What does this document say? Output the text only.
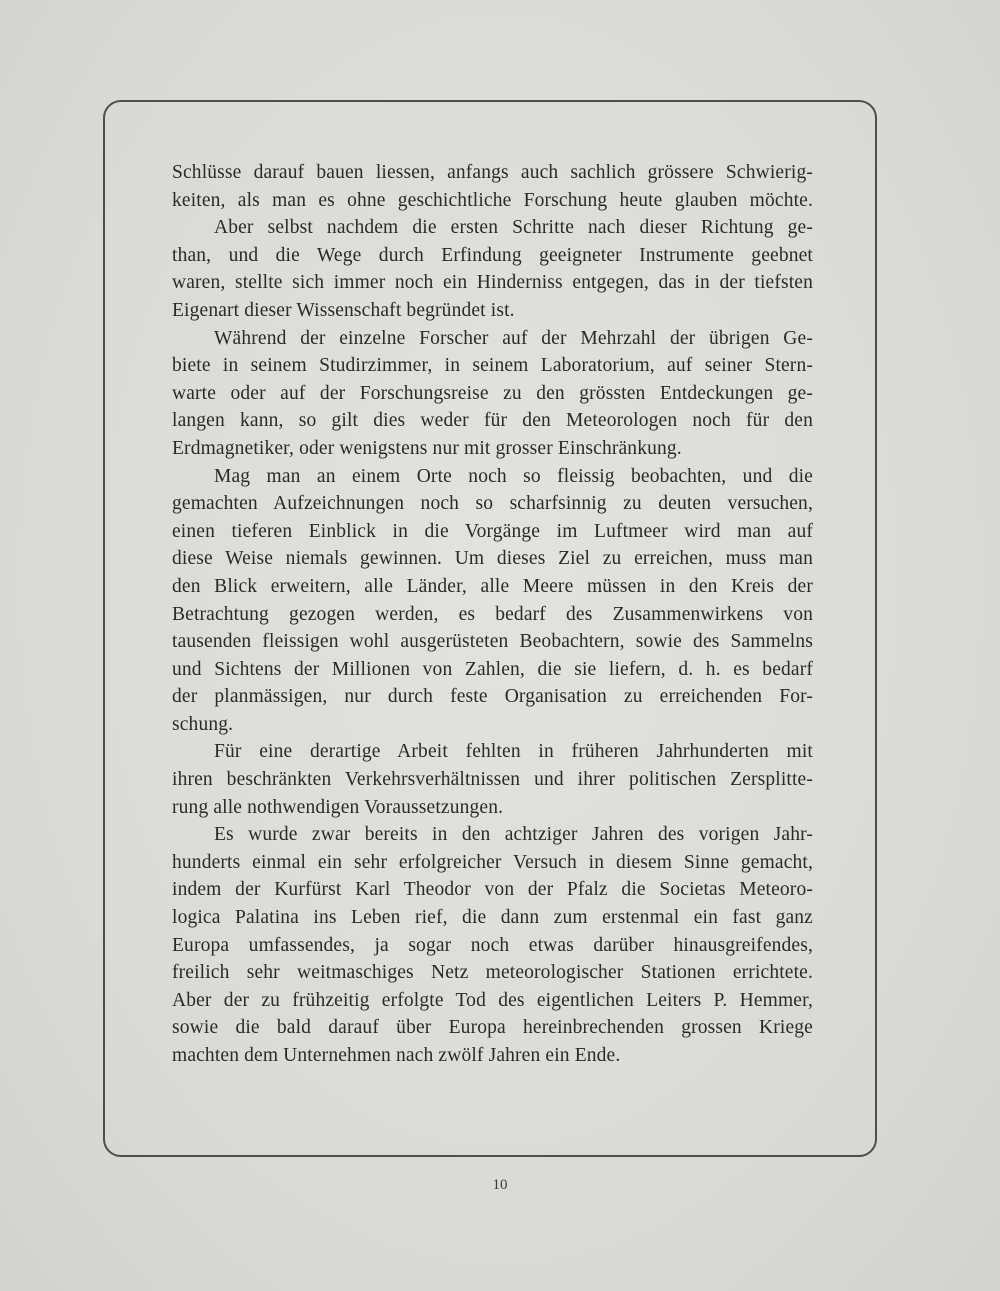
Schlüsse darauf bauen liessen, anfangs auch sachlich grössere Schwierig-
keiten, als man es ohne geschichtliche Forschung heute glauben möchte.
Aber selbst nachdem die ersten Schritte nach dieser Richtung ge-
than, und die Wege durch Erfindung geeigneter Instrumente geebnet
waren, stellte sich immer noch ein Hinderniss entgegen, das in der tiefsten
Eigenart dieser Wissenschaft begründet ist.
Während der einzelne Forscher auf der Mehrzahl der übrigen Ge-
biete in seinem Studirzimmer, in seinem Laboratorium, auf seiner Stern-
warte oder auf der Forschungsreise zu den grössten Entdeckungen ge-
langen kann, so gilt dies weder für den Meteorologen noch für den
Erdmagnetiker, oder wenigstens nur mit grosser Einschränkung.
Mag man an einem Orte noch so fleissig beobachten, und die
gemachten Aufzeichnungen noch so scharfsinnig zu deuten versuchen,
einen tieferen Einblick in die Vorgänge im Luftmeer wird man auf
diese Weise niemals gewinnen. Um dieses Ziel zu erreichen, muss man
den Blick erweitern, alle Länder, alle Meere müssen in den Kreis der
Betrachtung gezogen werden, es bedarf des Zusammenwirkens von
tausenden fleissigen wohl ausgerüsteten Beobachtern, sowie des Sammelns
und Sichtens der Millionen von Zahlen, die sie liefern, d. h. es bedarf
der planmässigen, nur durch feste Organisation zu erreichenden For-
schung.
Für eine derartige Arbeit fehlten in früheren Jahrhunderten mit
ihren beschränkten Verkehrsverhältnissen und ihrer politischen Zersplitte-
rung alle nothwendigen Voraussetzungen.
Es wurde zwar bereits in den achtziger Jahren des vorigen Jahr-
hunderts einmal ein sehr erfolgreicher Versuch in diesem Sinne gemacht,
indem der Kurfürst Karl Theodor von der Pfalz die Societas Meteoro-
logica Palatina ins Leben rief, die dann zum erstenmal ein fast ganz
Europa umfassendes, ja sogar noch etwas darüber hinausgreifendes,
freilich sehr weitmaschiges Netz meteorologischer Stationen errichtete.
Aber der zu frühzeitig erfolgte Tod des eigentlichen Leiters P. Hemmer,
sowie die bald darauf über Europa hereinbrechenden grossen Kriege
machten dem Unternehmen nach zwölf Jahren ein Ende.
10
